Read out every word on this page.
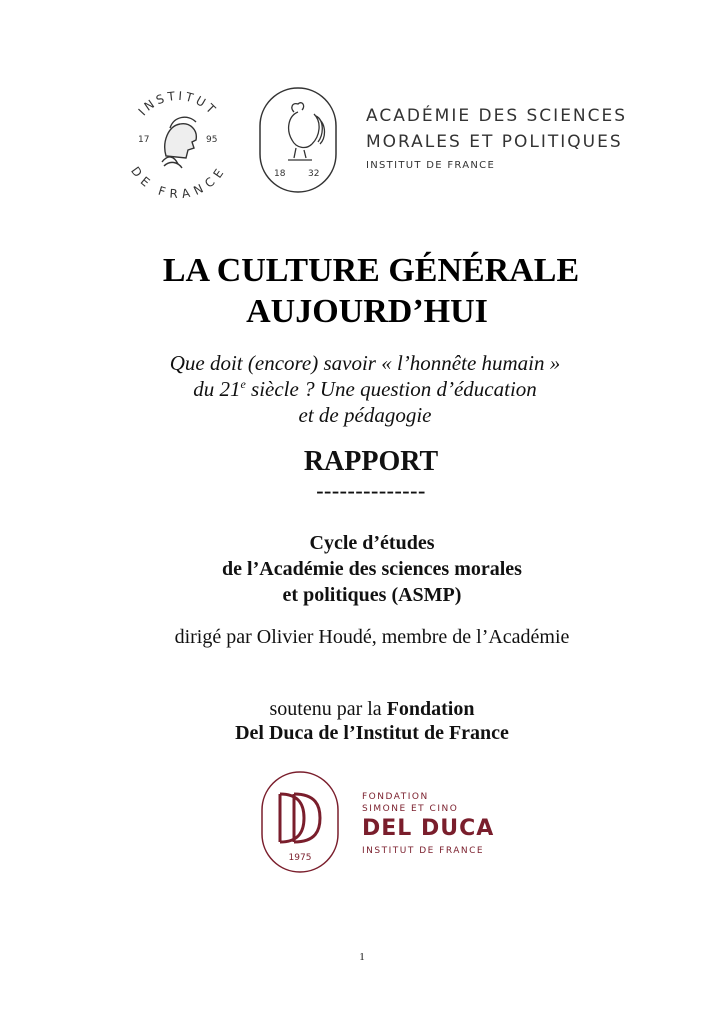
INSTITUT
DE FRANCE
17	95
18	32
ACADÉMIE DES SCIENCES
MORALES ET POLITIQUES
INSTITUT DE FRANCE
LA CULTURE GÉNÉRALE
AUJOURD’HUI
Que doit (encore) savoir « l’honnête humain »
du 21e siècle ? Une question d’éducation
et de pédagogie
RAPPORT
--------------
Cycle d’études
de l’Académie des sciences morales
et politiques (ASMP)
dirigé par Olivier Houdé, membre de l’Académie
soutenu par la Fondation
Del Duca de l’Institut de France
1975
FONDATION
SIMONE ET CINO
DEL DUCA
INSTITUT DE FRANCE
1
